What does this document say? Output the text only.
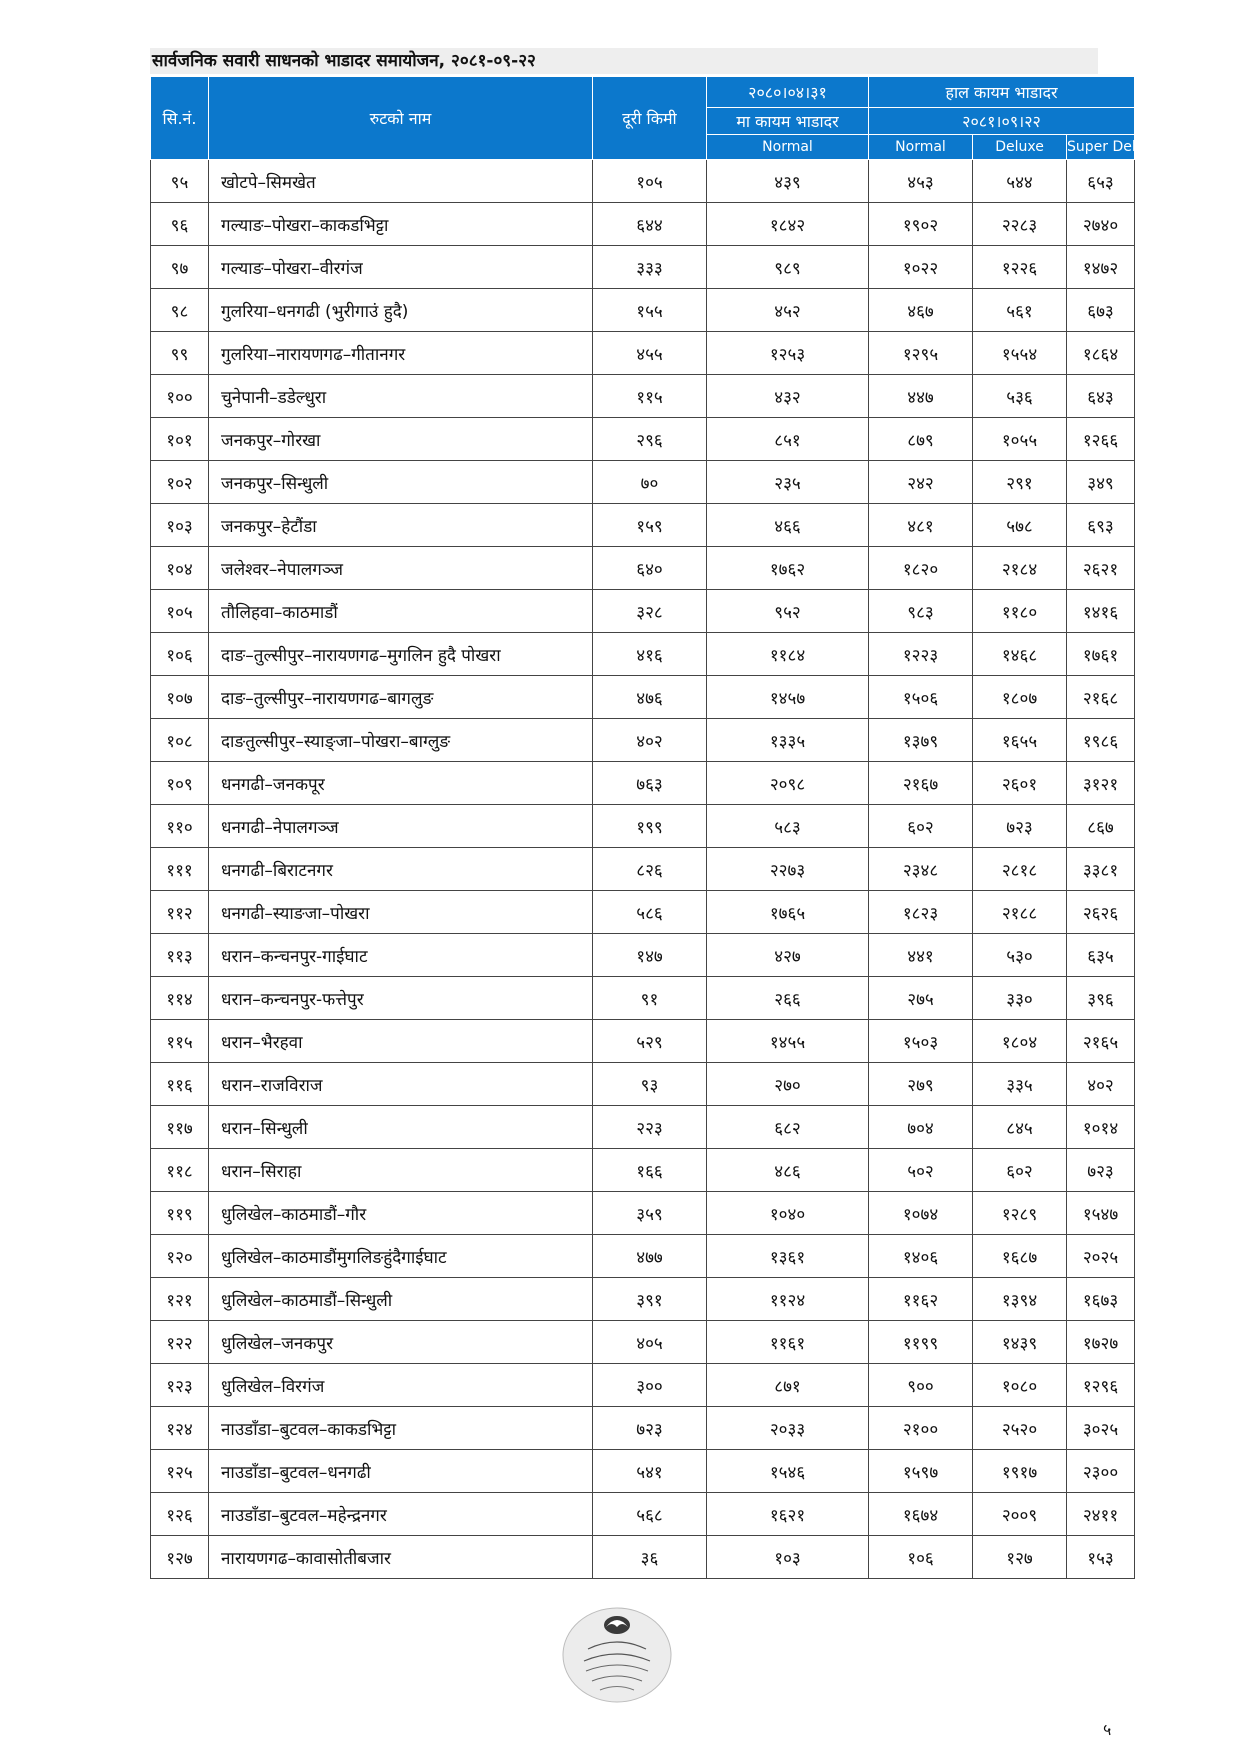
सार्वजनिक सवारी साधनको भाडादर समायोजन, २०८१-०९-२२
सि.नं.	रुटको नाम	दूरी किमी	२०८०।०४।३१	हाल कायम भाडादर		
			मा कायम भाडादर	२०८१।०९।२२		
			Normal	Normal	Deluxe	Super Deluxe
९५	खोटपे–सिमखेत	१०५	४३९	४५३	५४४	६५३
९६	गल्याङ–पोखरा–काकडभिट्टा	६४४	१८४२	१९०२	२२८३	२७४०
९७	गल्याङ–पोखरा–वीरगंज	३३३	९८९	१०२२	१२२६	१४७२
९८	गुलरिया–धनगढी (भुरीगाउं हुदै)	१५५	४५२	४६७	५६१	६७३
९९	गुलरिया–नारायणगढ–गीतानगर	४५५	१२५३	१२९५	१५५४	१८६४
१००	चुनेपानी–डडेल्धुरा	११५	४३२	४४७	५३६	६४३
१०१	जनकपुर–गोरखा	२९६	८५१	८७९	१०५५	१२६६
१०२	जनकपुर–सिन्धुली	७०	२३५	२४२	२९१	३४९
१०३	जनकपुर–हेटौंडा	१५९	४६६	४८१	५७८	६९३
१०४	जलेश्वर–नेपालगञ्ज	६४०	१७६२	१८२०	२१८४	२६२१
१०५	तौलिहवा–काठमाडौं	३२८	९५२	९८३	११८०	१४१६
१०६	दाङ–तुल्सीपुर–नारायणगढ–मुगलिन हुदै पोखरा	४१६	११८४	१२२३	१४६८	१७६१
१०७	दाङ–तुल्सीपुर–नारायणगढ–बागलुङ	४७६	१४५७	१५०६	१८०७	२१६८
१०८	दाङतुल्सीपुर–स्याङ्जा–पोखरा–बाग्लुङ	४०२	१३३५	१३७९	१६५५	१९८६
१०९	धनगढी–जनकपूर	७६३	२०९८	२१६७	२६०१	३१२१
११०	धनगढी–नेपालगञ्ज	१९९	५८३	६०२	७२३	८६७
१११	धनगढी–बिराटनगर	८२६	२२७३	२३४८	२८१८	३३८१
११२	धनगढी–स्याङजा–पोखरा	५८६	१७६५	१८२३	२१८८	२६२६
११३	धरान–कन्चनपुर-गाईघाट	१४७	४२७	४४१	५३०	६३५
११४	धरान–कन्चनपुर-फत्तेपुर	९१	२६६	२७५	३३०	३९६
११५	धरान–भैरहवा	५२९	१४५५	१५०३	१८०४	२१६५
११६	धरान–राजविराज	९३	२७०	२७९	३३५	४०२
११७	धरान–सिन्धुली	२२३	६८२	७०४	८४५	१०१४
११८	धरान–सिराहा	१६६	४८६	५०२	६०२	७२३
११९	धुलिखेल–काठमाडौं–गौर	३५९	१०४०	१०७४	१२८९	१५४७
१२०	धुलिखेल–काठमाडौंमुगलिङहुंदैगाईघाट	४७७	१३६१	१४०६	१६८७	२०२५
१२१	धुलिखेल–काठमाडौं–सिन्धुली	३९१	११२४	११६२	१३९४	१६७३
१२२	धुलिखेल–जनकपुर	४०५	११६१	११९९	१४३९	१७२७
१२३	धुलिखेल–विरगंज	३००	८७१	९००	१०८०	१२९६
१२४	नाउडाँडा–बुटवल–काकडभिट्टा	७२३	२०३३	२१००	२५२०	३०२५
१२५	नाउडाँडा–बुटवल–धनगढी	५४१	१५४६	१५९७	१९१७	२३००
१२६	नाउडाँडा–बुटवल–महेन्द्रनगर	५६८	१६२१	१६७४	२००९	२४११
१२७	नारायणगढ–कावासोतीबजार	३६	१०३	१०६	१२७	१५३
५
